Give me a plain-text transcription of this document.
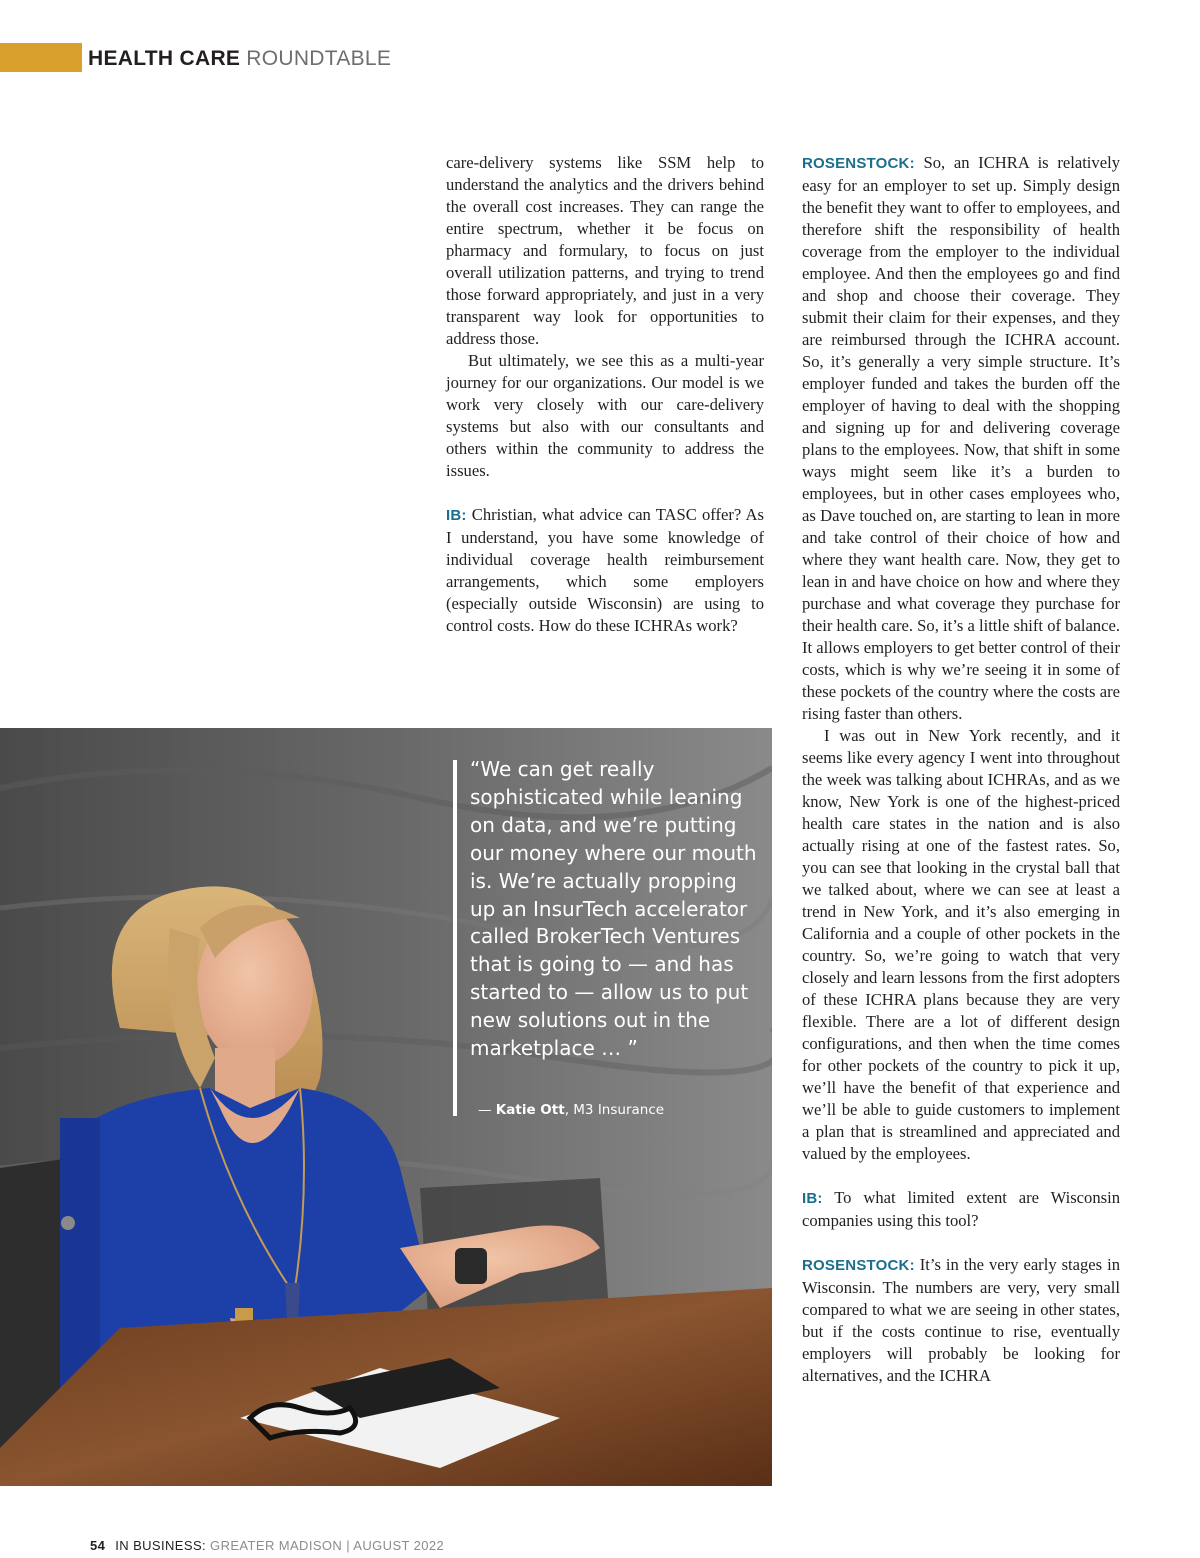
HEALTH CARE ROUNDTABLE

care-delivery systems like SSM help to understand the analytics and the drivers behind the overall cost increases. They can range the entire spectrum, whether it be focus on pharmacy and formulary, to focus on just overall utilization patterns, and trying to trend those forward appropriately, and just in a very transparent way look for opportunities to address those.

But ultimately, we see this as a multi-year journey for our organizations. Our model is we work very closely with our care-delivery systems but also with our consultants and others within the community to address the issues.

IB: Christian, what advice can TASC offer? As I understand, you have some knowledge of individual coverage health reimbursement arrangements, which some employers (especially outside Wisconsin) are using to control costs. How do these ICHRAs work?

ROSENSTOCK: So, an ICHRA is relatively easy for an employer to set up. Simply design the benefit they want to offer to employees, and therefore shift the responsibility of health coverage from the employer to the individual employee. And then the employees go and find and shop and choose their coverage. They submit their claim for their expenses, and they are reimbursed through the ICHRA account. So, it’s generally a very simple structure. It’s employer funded and takes the burden off the employer of having to deal with the shopping and signing up for and delivering coverage plans to the employees. Now, that shift in some ways might seem like it’s a burden to employees, but in other cases employees who, as Dave touched on, are starting to lean in more and take control of their choice of how and where they want health care. Now, they get to lean in and have choice on how and where they purchase and what coverage they purchase for their health care. So, it’s a little shift of balance. It allows employers to get better control of their costs, which is why we’re seeing it in some of these pockets of the country where the costs are rising faster than others.

I was out in New York recently, and it seems like every agency I went into throughout the week was talking about ICHRAs, and as we know, New York is one of the highest-priced health care states in the nation and is also actually rising at one of the fastest rates. So, you can see that looking in the crystal ball that we talked about, where we can see at least a trend in New York, and it’s also emerging in California and a couple of other pockets in the country. So, we’re going to watch that very closely and learn lessons from the first adopters of these ICHRA plans because they are very flexible. There are a lot of different design configurations, and then when the time comes for other pockets of the country to pick it up, we’ll have the benefit of that experience and we’ll be able to guide customers to implement a plan that is streamlined and appreciated and valued by the employees.

IB: To what limited extent are Wisconsin companies using this tool?

ROSENSTOCK: It’s in the very early stages in Wisconsin. The numbers are very, very small compared to what we are seeing in other states, but if the costs continue to rise, eventually employers will probably be looking for alternatives, and the ICHRA

“We can get really sophisticated while leaning on data, and we’re putting our money where our mouth is. We’re actually propping up an InsurTech accelerator called BrokerTech Ventures that is going to — and has started to — allow us to put new solutions out in the marketplace … ”
— Katie Ott, M3 Insurance
54 IN BUSINESS: GREATER MADISON | AUGUST 2022
